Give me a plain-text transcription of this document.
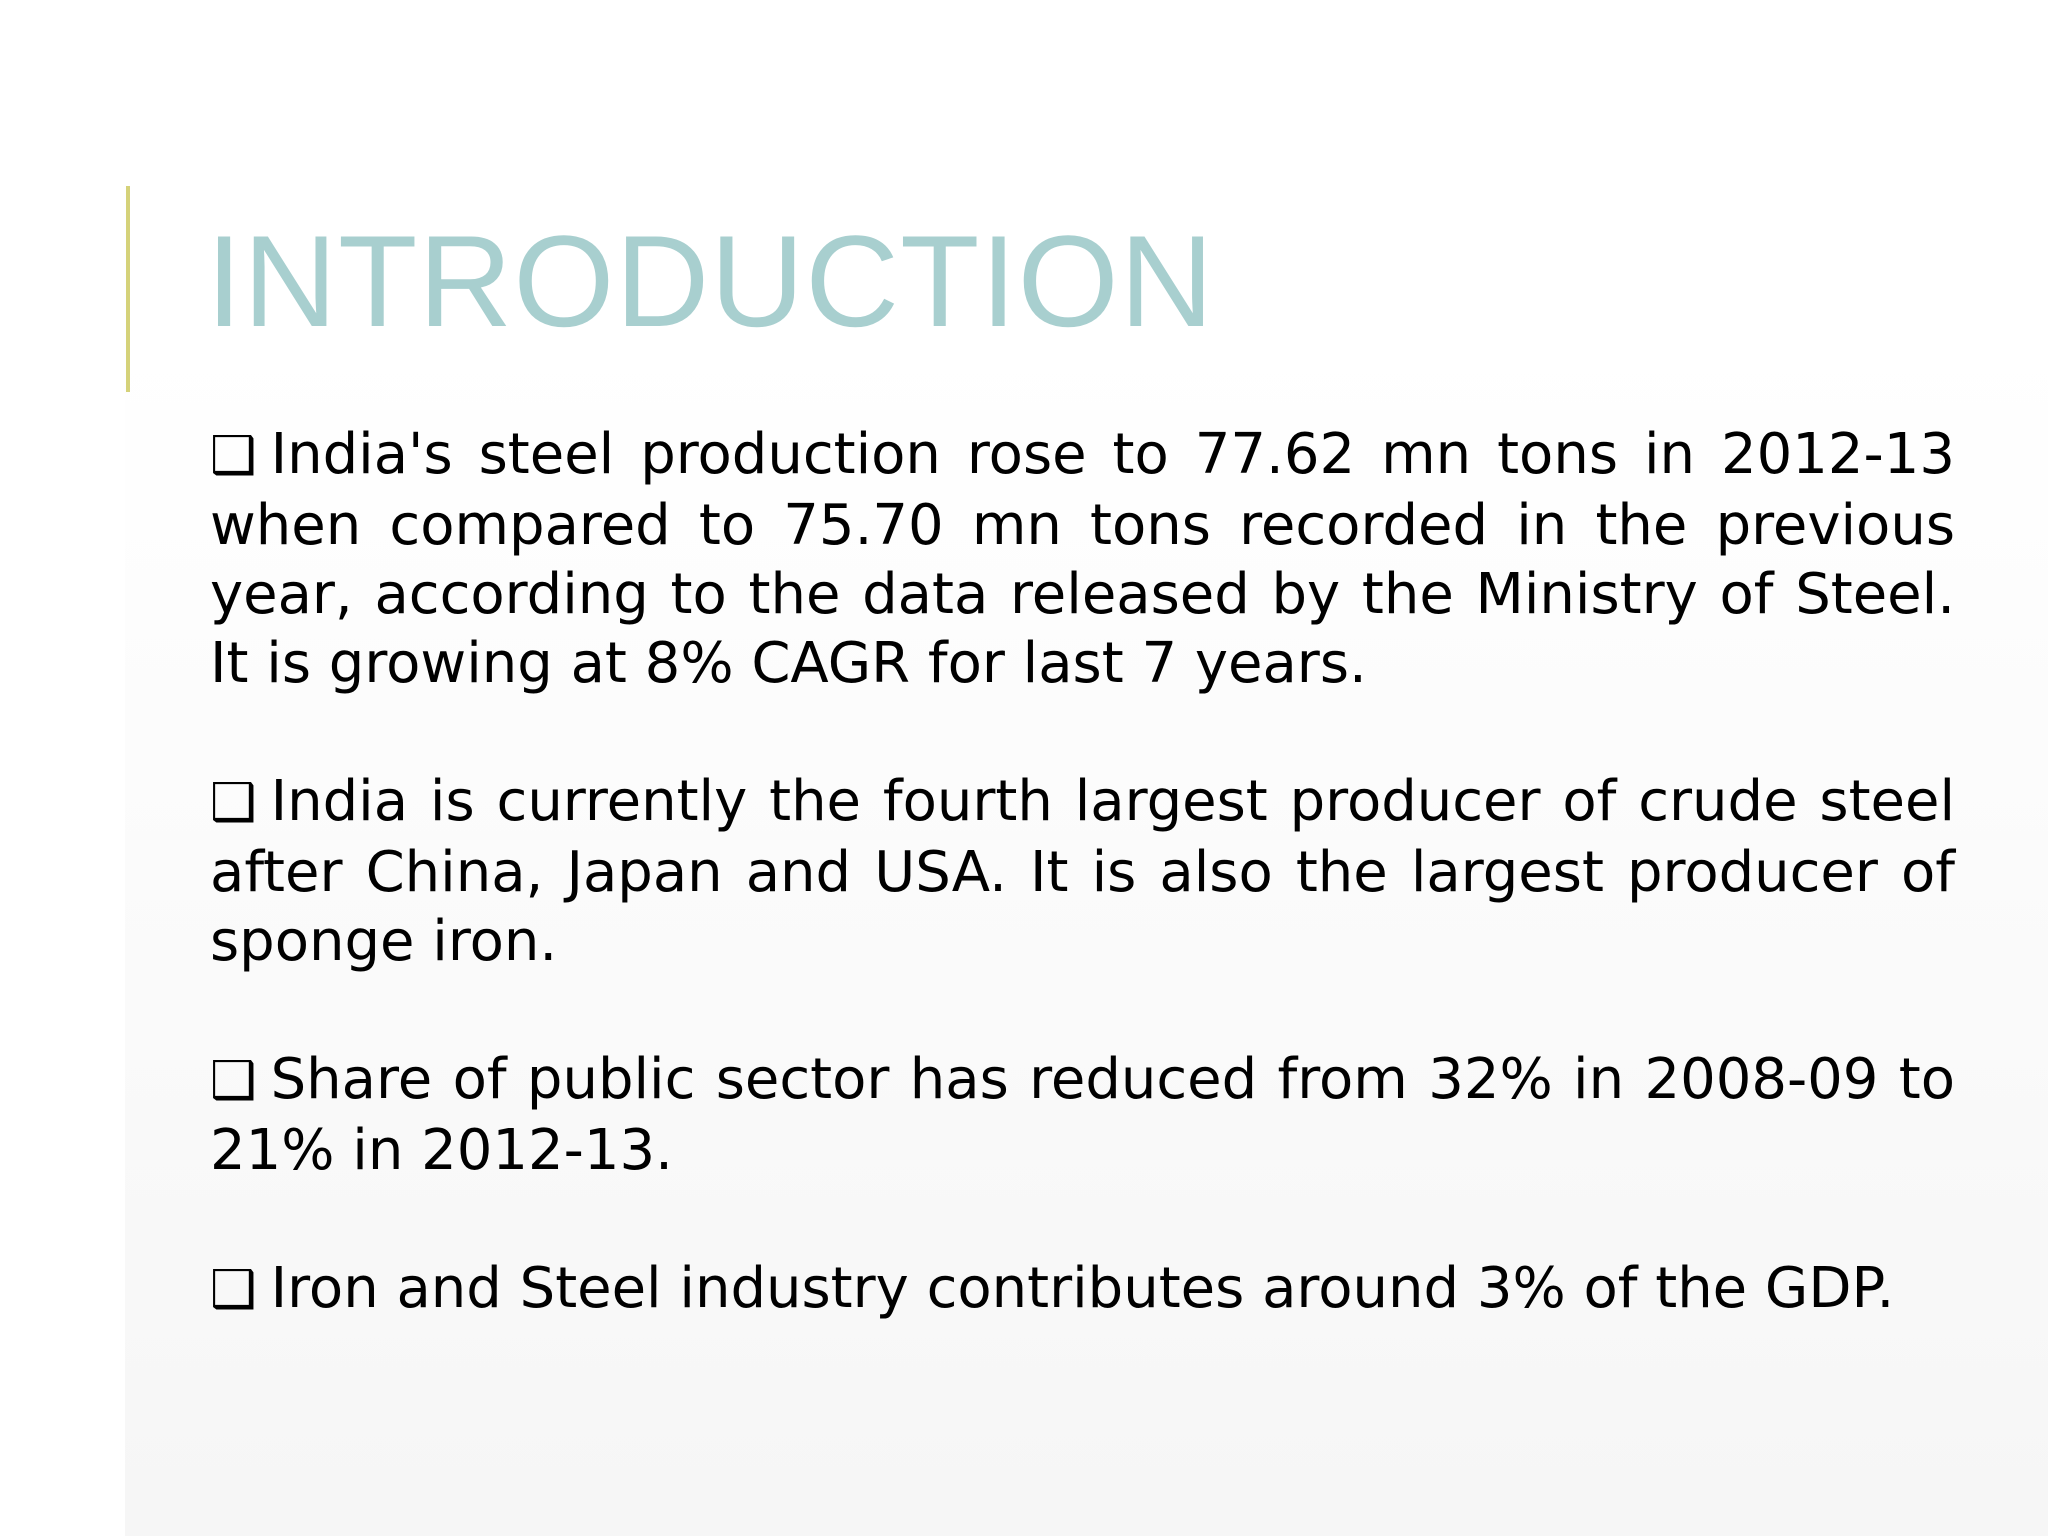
INTRODUCTION

❑ India's steel production rose to 77.62 mn tons in 2012-13 when compared to 75.70 mn tons recorded in the previous year, according to the data released by the Ministry of Steel. It is growing at 8% CAGR for last 7 years.

❑ India is currently the fourth largest producer of crude steel after China, Japan and USA. It is also the largest producer of sponge iron.

❑ Share of public sector has reduced from 32% in 2008-09 to 21% in 2012-13.

❑ Iron and Steel industry contributes around 3% of the GDP.
